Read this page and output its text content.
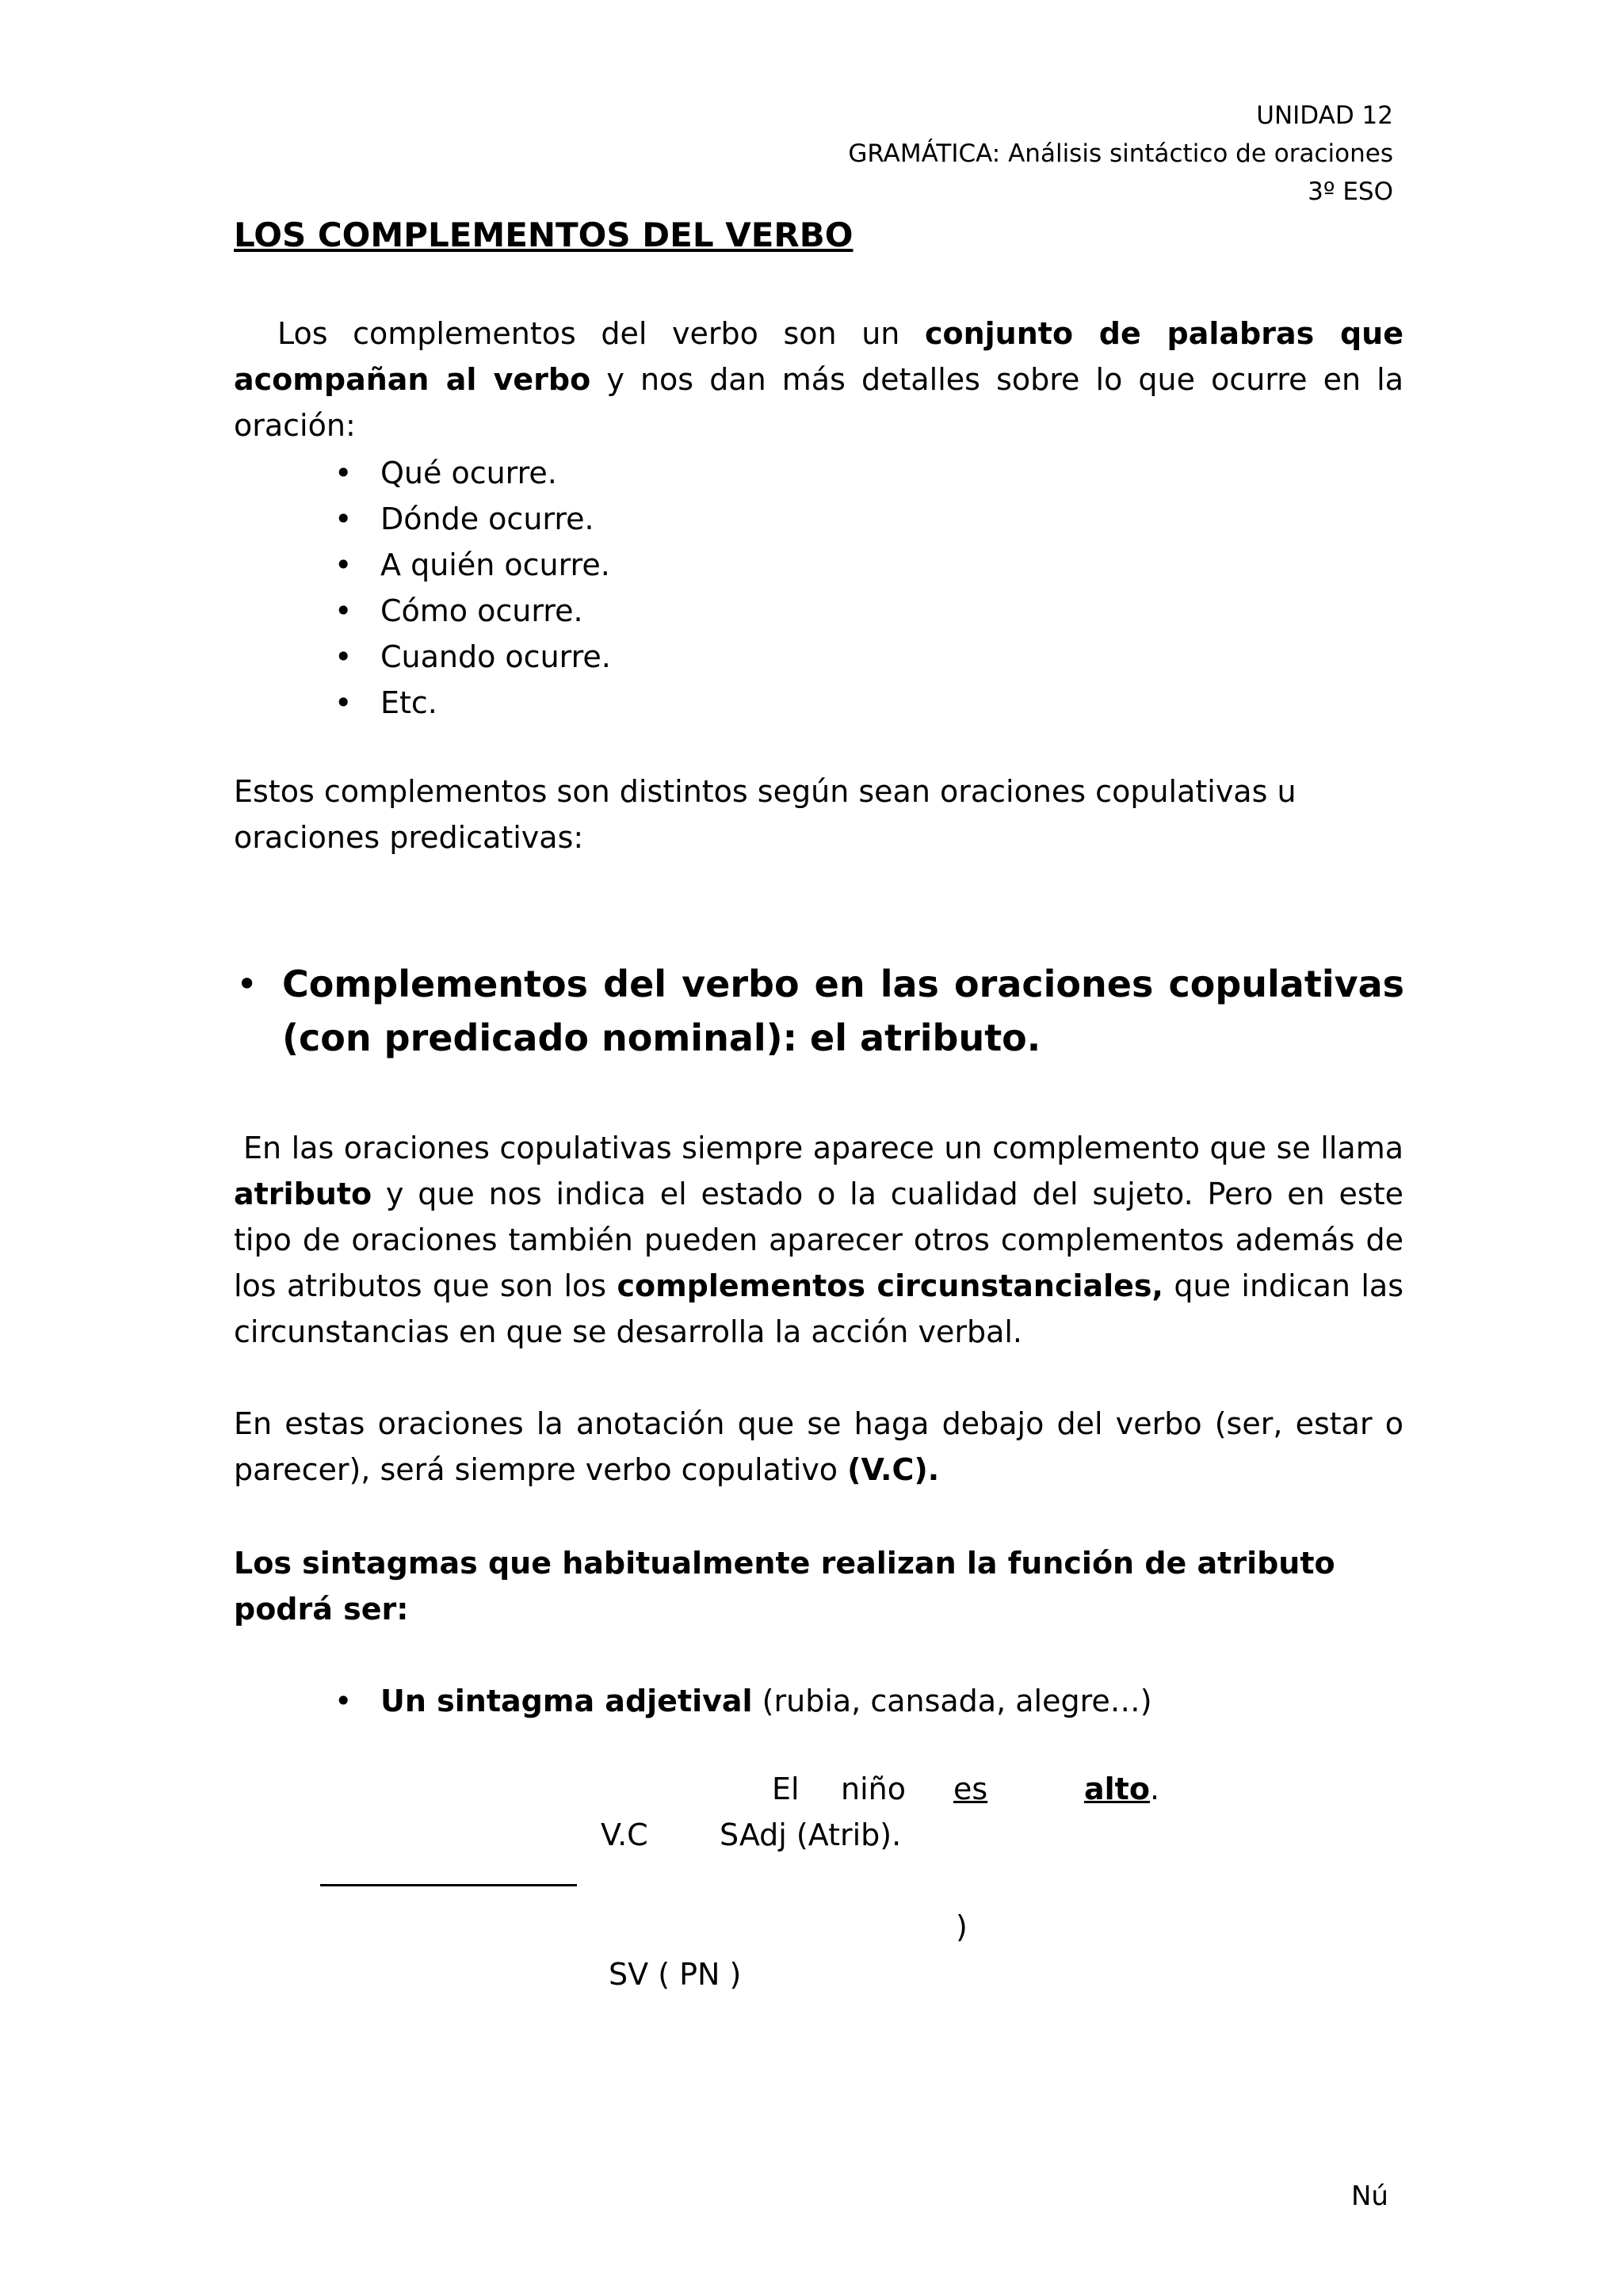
UNIDAD 12
GRAMÁTICA: Análisis sintáctico de oraciones
3º ESO
LOS COMPLEMENTOS DEL VERBO
Los complementos del verbo son un conjunto de palabras que acompañan al verbo y nos dan más detalles sobre lo que ocurre en la oración:
• Qué ocurre.
• Dónde ocurre.
• A quién ocurre.
• Cómo ocurre.
• Cuando ocurre.
• Etc.
Estos complementos son distintos según sean oraciones copulativas u oraciones predicativas:
• Complementos del verbo en las oraciones copulativas (con predicado nominal): el atributo.
En las oraciones copulativas siempre aparece un complemento que se llama atributo y que nos indica el estado o la cualidad del sujeto. Pero en este tipo de oraciones también pueden aparecer otros complementos además de los atributos que son los complementos circunstanciales, que indican las circunstancias en que se desarrolla la acción verbal.
En estas oraciones la anotación que se haga debajo del verbo (ser, estar o parecer), será siempre verbo copulativo (V.C).
Los sintagmas que habitualmente realizan la función de atributo podrá ser:
• Un sintagma adjetival (rubia, cansada, alegre…)
El niño es	alto.
V.C SAdj (Atrib).
)
SV ( PN )
Nú
